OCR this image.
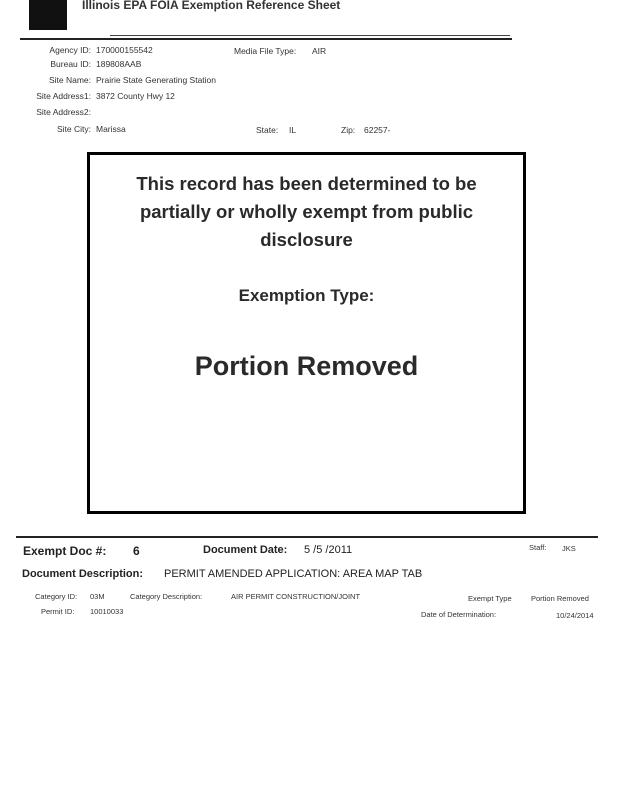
Illinois EPA FOIA Exemption Reference Sheet
Agency ID: 170000155542	Media File Type: AIR
Bureau ID: 189808AAB
Site Name: Prairie State Generating Station
Site Address1: 3872 County Hwy 12
Site Address2:
Site City: Marissa	State: IL	Zip: 62257-
This record has been determined to be partially or wholly exempt from public disclosure
Exemption Type:
Portion Removed
Exempt Doc #: 6	Document Date: 5 /5 /2011	Staff: JKS
Document Description: PERMIT AMENDED APPLICATION: AREA MAP TAB
Category ID: 03M	Category Description:	AIR PERMIT CONSTRUCTION/JOINT	Exempt Type	Portion Removed
Permit ID: 10010033	Date of Determination:	10/24/2014
